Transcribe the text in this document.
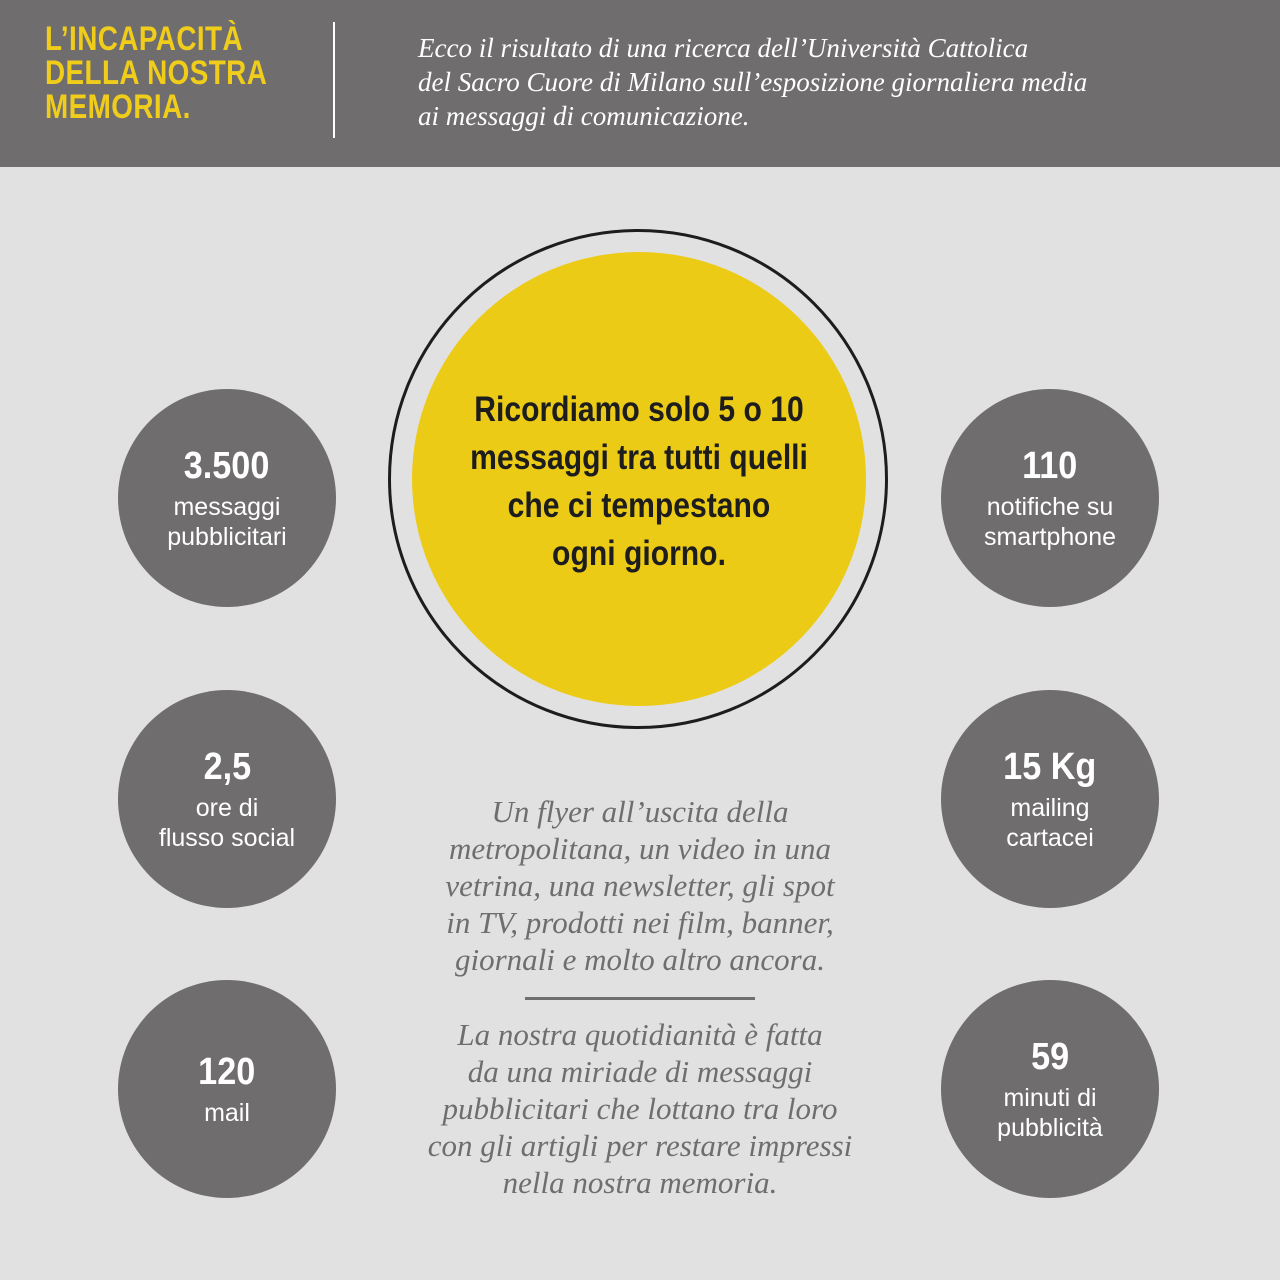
L’INCAPACITÀ
DELLA NOSTRA
MEMORIA.
Ecco il risultato di una ricerca dell’Università Cattolica
del Sacro Cuore di Milano sull’esposizione giornaliera media
ai messaggi di comunicazione.
Ricordiamo solo 5 o 10
messaggi tra tutti quelli
che ci tempestano
ogni giorno.
3.500
messaggi
pubblicitari
110
notifiche su
smartphone
2,5
ore di
flusso social
15 Kg
mailing
cartacei
120
mail
59
minuti di
pubblicità
Un flyer all’uscita della
metropolitana, un video in una
vetrina, una newsletter, gli spot
in TV, prodotti nei film, banner,
giornali e molto altro ancora.
La nostra quotidianità è fatta
da una miriade di messaggi
pubblicitari che lottano tra loro
con gli artigli per restare impressi
nella nostra memoria.
